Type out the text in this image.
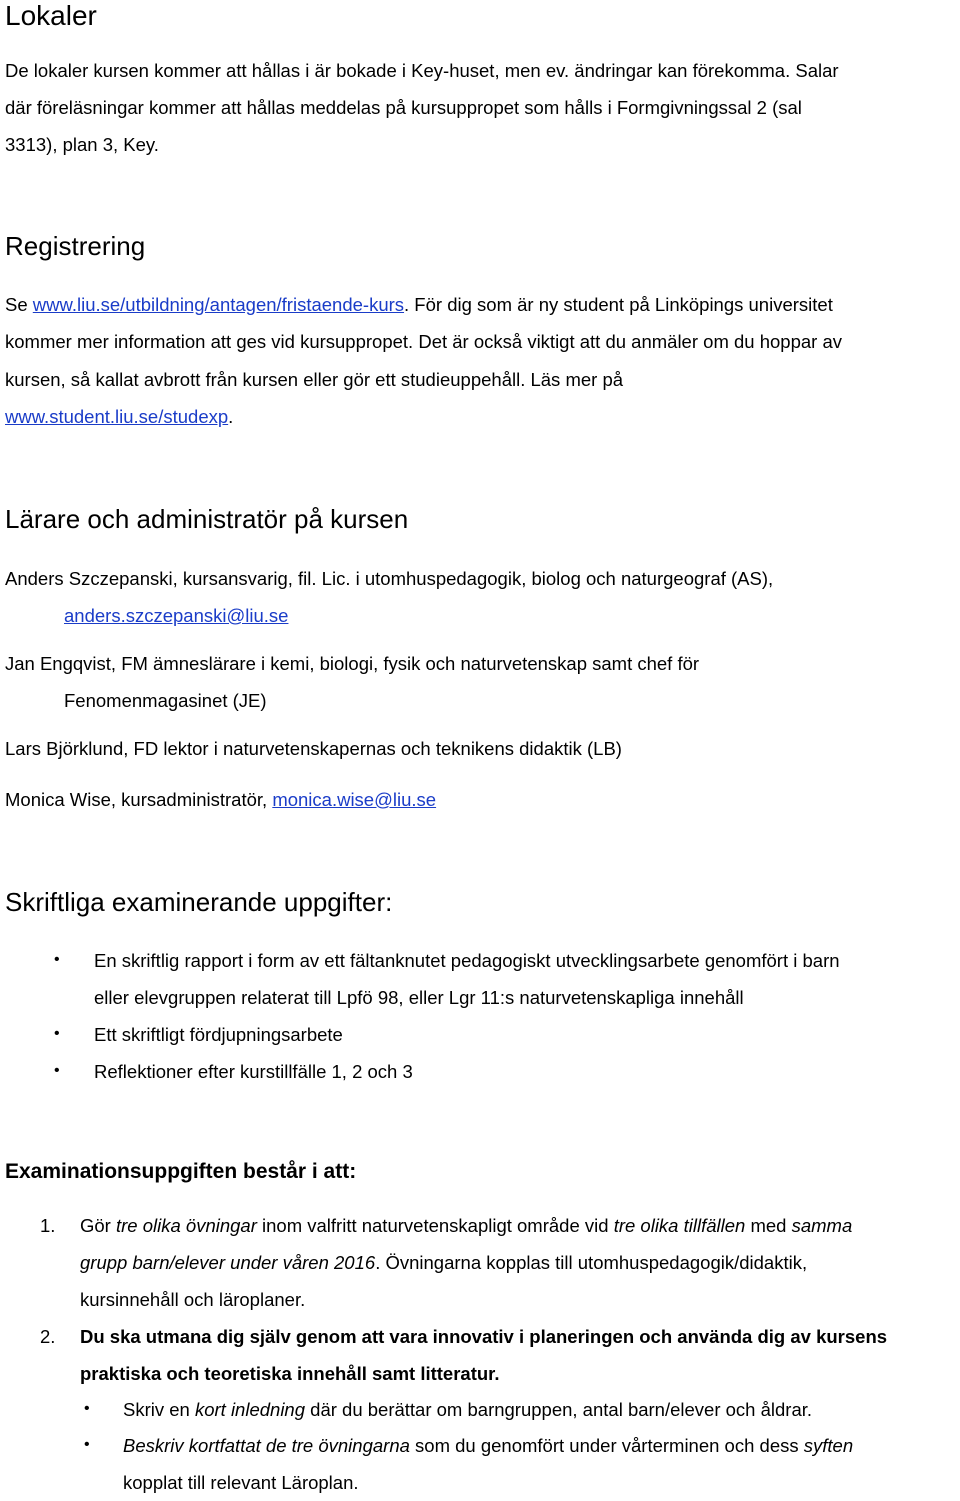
Lokaler

De lokaler kursen kommer att hållas i är bokade i Key-huset, men ev. ändringar kan förekomma. Salar

där föreläsningar kommer att hållas meddelas på kursuppropet som hålls i Formgivningssal 2 (sal

3313), plan 3, Key.

Registrering

Se www.liu.se/utbildning/antagen/fristaende-kurs. För dig som är ny student på Linköpings universitet

kommer mer information att ges vid kursuppropet. Det är också viktigt att du anmäler om du hoppar av

kursen, så kallat avbrott från kursen eller gör ett studieuppehåll. Läs mer på

www.student.liu.se/studexp.

Lärare och administratör på kursen

Anders Szczepanski, kursansvarig, fil. Lic. i utomhuspedagogik, biolog och naturgeograf (AS),

anders.szczepanski@liu.se

Jan Engqvist, FM ämneslärare i kemi, biologi, fysik och naturvetenskap samt chef för

Fenomenmagasinet (JE)

Lars Björklund, FD lektor i naturvetenskapernas och teknikens didaktik (LB)

Monica Wise, kursadministratör, monica.wise@liu.se

Skriftliga examinerande uppgifter:
• En skriftlig rapport i form av ett fältanknutet pedagogiskt utvecklingsarbete genomfört i barn

eller elevgruppen relaterat till Lpfö 98, eller Lgr 11:s naturvetenskapliga innehåll

• Ett skriftligt fördjupningsarbete

• Reflektioner efter kurstillfälle 1, 2 och 3

Examinationsuppgiften består i att:

1. Gör tre olika övningar inom valfritt naturvetenskapligt område vid tre olika tillfällen med samma

grupp barn/elever under våren 2016. Övningarna kopplas till utomhuspedagogik/didaktik,

kursinnehåll och läroplaner.

2. Du ska utmana dig själv genom att vara innovativ i planeringen och använda dig av kursens

praktiska och teoretiska innehåll samt litteratur.

• Skriv en kort inledning där du berättar om barngruppen, antal barn/elever och åldrar.

• Beskriv kortfattat de tre övningarna som du genomfört under vårterminen och dess syften

kopplat till relevant Läroplan.
